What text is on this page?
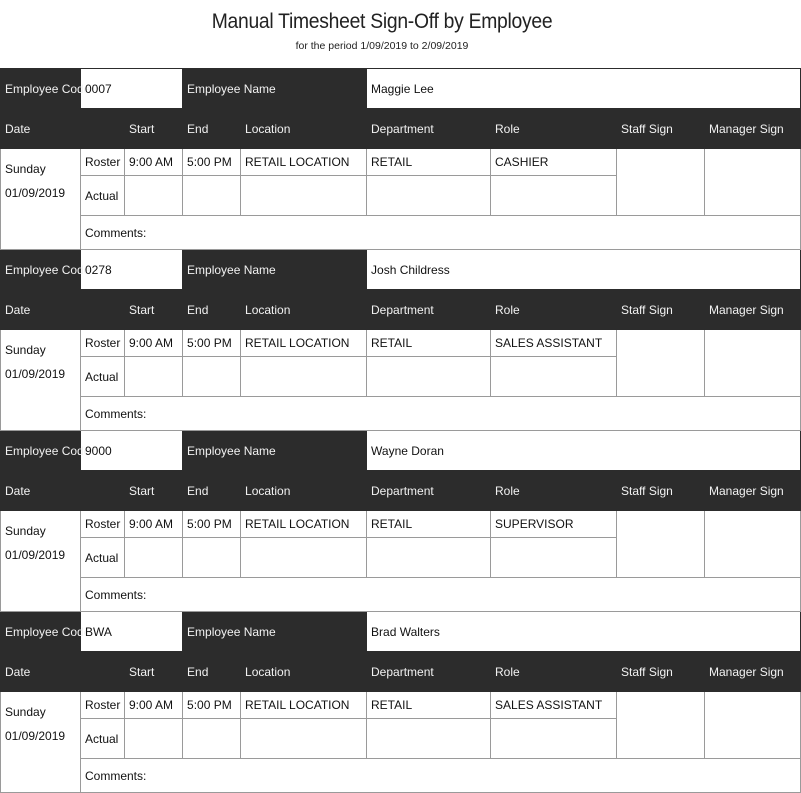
Manual Timesheet Sign-Off by Employee
for the period 1/09/2019 to 2/09/2019
Employee Code	0007		Employee Name		Maggie Lee			
Date		Start	End	Location	Department	Role	Staff Sign	Manager Sign
Sunday
01/09/2019	Roster	9:00 AM	5:00 PM	RETAIL LOCATION	RETAIL	CASHIER		
	Actual							
	Comments:							
Employee Code	0278		Employee Name		Josh Childress			
Date		Start	End	Location	Department	Role	Staff Sign	Manager Sign
Sunday
01/09/2019	Roster	9:00 AM	5:00 PM	RETAIL LOCATION	RETAIL	SALES ASSISTANT		
	Actual							
	Comments:							
Employee Code	9000		Employee Name		Wayne Doran			
Date		Start	End	Location	Department	Role	Staff Sign	Manager Sign
Sunday
01/09/2019	Roster	9:00 AM	5:00 PM	RETAIL LOCATION	RETAIL	SUPERVISOR		
	Actual							
	Comments:							
Employee Code	BWA		Employee Name		Brad Walters			
Date		Start	End	Location	Department	Role	Staff Sign	Manager Sign
Sunday
01/09/2019	Roster	9:00 AM	5:00 PM	RETAIL LOCATION	RETAIL	SALES ASSISTANT		
	Actual							
	Comments:							
